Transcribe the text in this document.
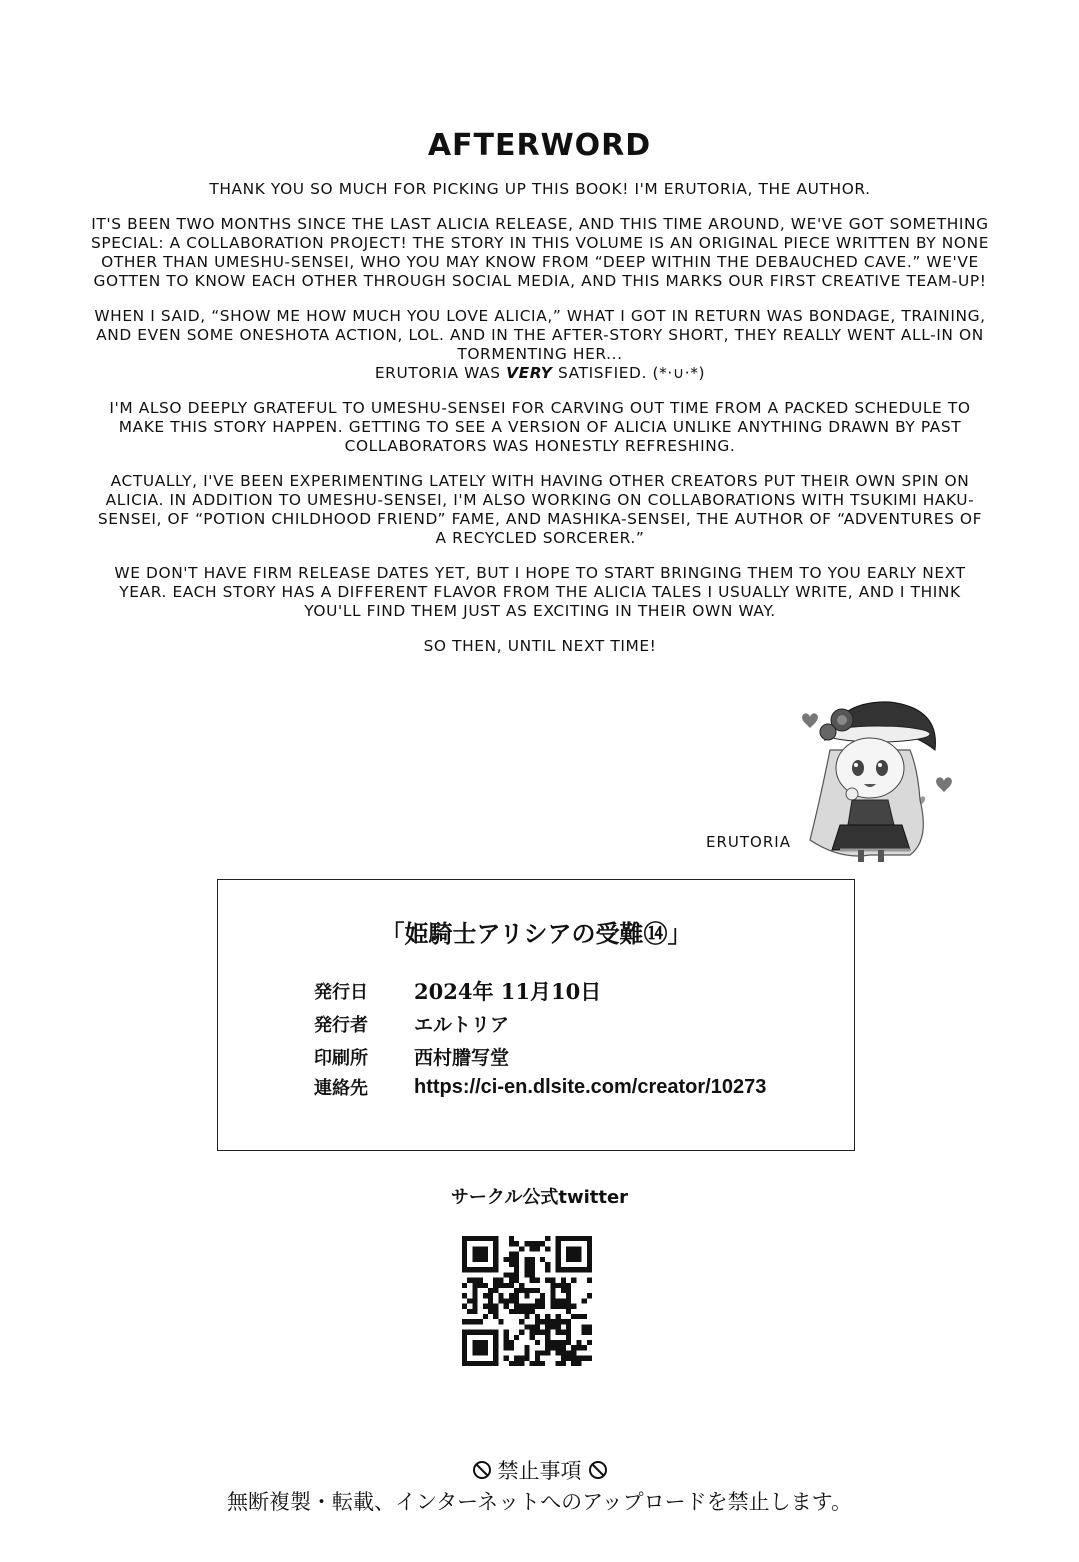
AFTERWORD

THANK YOU SO MUCH FOR PICKING UP THIS BOOK! I'M ERUTORIA, THE AUTHOR.

IT'S BEEN TWO MONTHS SINCE THE LAST ALICIA RELEASE, AND THIS TIME AROUND, WE'VE GOT SOMETHING SPECIAL: A COLLABORATION PROJECT! THE STORY IN THIS VOLUME IS AN ORIGINAL PIECE WRITTEN BY NONE OTHER THAN UMESHU-SENSEI, WHO YOU MAY KNOW FROM “DEEP WITHIN THE DEBAUCHED CAVE.” WE'VE GOTTEN TO KNOW EACH OTHER THROUGH SOCIAL MEDIA, AND THIS MARKS OUR FIRST CREATIVE TEAM-UP!

WHEN I SAID, “SHOW ME HOW MUCH YOU LOVE ALICIA,” WHAT I GOT IN RETURN WAS BONDAGE, TRAINING, AND EVEN SOME ONESHOTA ACTION, LOL. AND IN THE AFTER-STORY SHORT, THEY REALLY WENT ALL-IN ON TORMENTING HER...

ERUTORIA WAS VERY SATISFIED. (*·∪·*)

I'M ALSO DEEPLY GRATEFUL TO UMESHU-SENSEI FOR CARVING OUT TIME FROM A PACKED SCHEDULE TO MAKE THIS STORY HAPPEN. GETTING TO SEE A VERSION OF ALICIA UNLIKE ANYTHING DRAWN BY PAST COLLABORATORS WAS HONESTLY REFRESHING.

ACTUALLY, I'VE BEEN EXPERIMENTING LATELY WITH HAVING OTHER CREATORS PUT THEIR OWN SPIN ON ALICIA. IN ADDITION TO UMESHU-SENSEI, I'M ALSO WORKING ON COLLABORATIONS WITH TSUKIMI HAKU-SENSEI, OF “POTION CHILDHOOD FRIEND” FAME, AND MASHIKA-SENSEI, THE AUTHOR OF “ADVENTURES OF A RECYCLED SORCERER.”

WE DON'T HAVE FIRM RELEASE DATES YET, BUT I HOPE TO START BRINGING THEM TO YOU EARLY NEXT YEAR. EACH STORY HAS A DIFFERENT FLAVOR FROM THE ALICIA TALES I USUALLY WRITE, AND I THINK YOU'LL FIND THEM JUST AS EXCITING IN THEIR OWN WAY.

SO THEN, UNTIL NEXT TIME!

ERUTORIA
「姫騎士アリシアの受難⑭」
発行日	2024年 11月10日
発行者	エルトリア
印刷所	西村謄写堂
連絡先	https://ci-en.dlsite.com/creator/10273
サークル公式twitter
禁止事項
無断複製・転載、インターネットへのアップロードを禁止します。
